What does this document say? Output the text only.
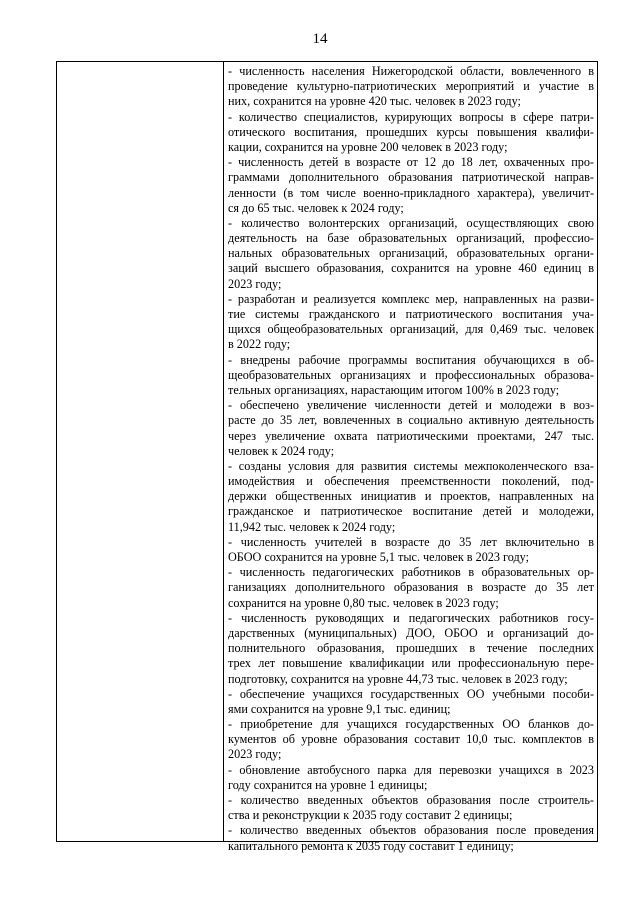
14
- численность населения Нижегородской области, вовлеченного в
проведение культурно-патриотических мероприятий и участие в
них, сохранится на уровне 420 тыс. человек в 2023 году;
- количество специалистов, курирующих вопросы в сфере патри-
отического воспитания, прошедших курсы повышения квалифи-
кации, сохранится на уровне 200 человек в 2023 году;
- численность детей в возрасте от 12 до 18 лет, охваченных про-
граммами дополнительного образования патриотической направ-
ленности (в том числе военно-прикладного характера), увеличит-
ся до 65 тыс. человек к 2024 году;
- количество волонтерских организаций, осуществляющих свою
деятельность на базе образовательных организаций, профессио-
нальных образовательных организаций, образовательных органи-
заций высшего образования, сохранится на уровне 460 единиц в
2023 году;
- разработан и реализуется комплекс мер, направленных на разви-
тие системы гражданского и патриотического воспитания уча-
щихся общеобразовательных организаций, для 0,469 тыс. человек
в 2022 году;
- внедрены рабочие программы воспитания обучающихся в об-
щеобразовательных организациях и профессиональных образова-
тельных организациях, нарастающим итогом 100% в 2023 году;
- обеспечено увеличение численности детей и молодежи в воз-
расте до 35 лет, вовлеченных в социально активную деятельность
через увеличение охвата патриотическими проектами, 247 тыс.
человек к 2024 году;
- созданы условия для развития системы межпоколенческого вза-
имодействия и обеспечения преемственности поколений, под-
держки общественных инициатив и проектов, направленных на
гражданское и патриотическое воспитание детей и молодежи,
11,942 тыс. человек к 2024 году;
- численность учителей в возрасте до 35 лет включительно в
ОБОО сохранится на уровне 5,1 тыс. человек в 2023 году;
- численность педагогических работников в образовательных ор-
ганизациях дополнительного образования в возрасте до 35 лет
сохранится на уровне 0,80 тыс. человек в 2023 году;
- численность руководящих и педагогических работников госу-
дарственных (муниципальных) ДОО, ОБОО и организаций до-
полнительного образования, прошедших в течение последних
трех лет повышение квалификации или профессиональную пере-
подготовку, сохранится на уровне 44,73 тыс. человек в 2023 году;
- обеспечение учащихся государственных ОО учебными пособи-
ями сохранится на уровне 9,1 тыс. единиц;
- приобретение для учащихся государственных ОО бланков до-
кументов об уровне образования составит 10,0 тыс. комплектов в
2023 году;
- обновление автобусного парка для перевозки учащихся в 2023
году сохранится на уровне 1 единицы;
- количество введенных объектов образования после строитель-
ства и реконструкции к 2035 году составит 2 единицы;
- количество введенных объектов образования после проведения
капитального ремонта к 2035 году составит 1 единицу;
